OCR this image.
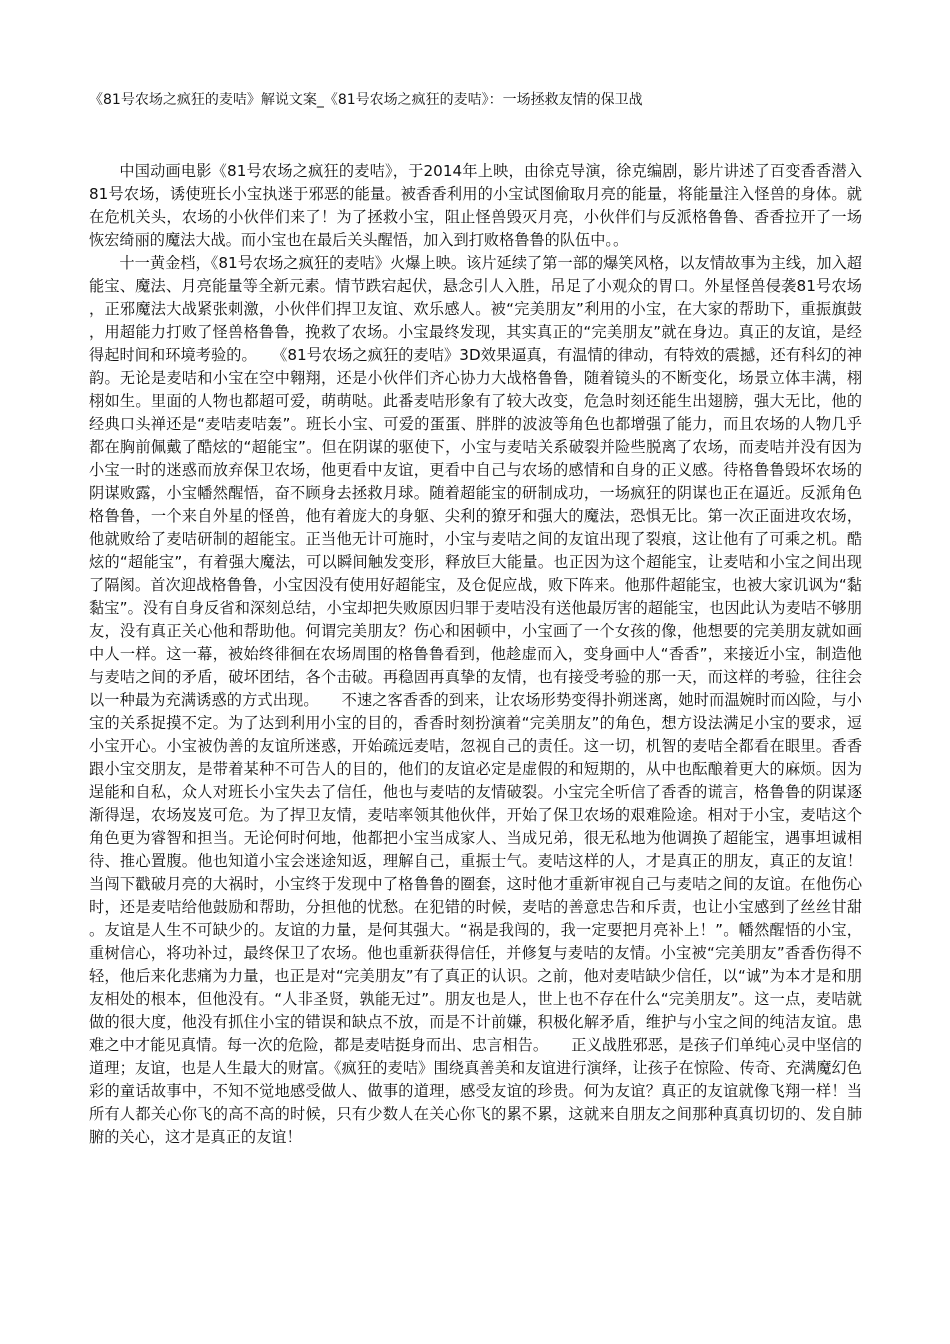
《81号农场之疯狂的麦咭》解说文案_《81号农场之疯狂的麦咭》：一场拯救友情的保卫战

中国动画电影《81号农场之疯狂的麦咭》，于2014年上映，由徐克导演，徐克编剧，影片讲述了百变香香潜入81号农场，诱使班长小宝执迷于邪恶的能量。被香香利用的小宝试图偷取月亮的能量，将能量注入怪兽的身体。就在危机关头，农场的小伙伴们来了！为了拯救小宝，阻止怪兽毁灭月亮，小伙伴们与反派格鲁鲁、香香拉开了一场恢宏绮丽的魔法大战。而小宝也在最后关头醒悟，加入到打败格鲁鲁的队伍中。。

十一黄金档，《81号农场之疯狂的麦咭》火爆上映。该片延续了第一部的爆笑风格，以友情故事为主线，加入超能宝、魔法、月亮能量等全新元素。情节跌宕起伏，悬念引人入胜，吊足了小观众的胃口。外星怪兽侵袭81号农场，正邪魔法大战紧张刺激，小伙伴们捍卫友谊、欢乐感人。被“完美朋友”利用的小宝，在大家的帮助下，重振旗鼓，用超能力打败了怪兽格鲁鲁，挽救了农场。小宝最终发现，其实真正的“完美朋友”就在身边。真正的友谊，是经得起时间和环境考验的。　　《81号农场之疯狂的麦咭》3D效果逼真，有温情的律动，有特效的震撼，还有科幻的神韵。无论是麦咭和小宝在空中翱翔，还是小伙伴们齐心协力大战格鲁鲁，随着镜头的不断变化，场景立体丰满，栩栩如生。里面的人物也都超可爱，萌萌哒。此番麦咭形象有了较大改变，危急时刻还能生出翅膀，强大无比，他的经典口头禅还是“麦咭麦咭轰”。班长小宝、可爱的蛋蛋、胖胖的波波等角色也都增强了能力，而且农场的人物几乎都在胸前佩戴了酷炫的“超能宝”。但在阴谋的驱使下，小宝与麦咭关系破裂并险些脱离了农场，而麦咭并没有因为小宝一时的迷惑而放弃保卫农场，他更看中友谊，更看中自己与农场的感情和自身的正义感。待格鲁鲁毁坏农场的阴谋败露，小宝幡然醒悟，奋不顾身去拯救月球。随着超能宝的研制成功，一场疯狂的阴谋也正在逼近。反派角色格鲁鲁，一个来自外星的怪兽，他有着庞大的身躯、尖利的獠牙和强大的魔法，恐惧无比。第一次正面进攻农场，他就败给了麦咭研制的超能宝。正当他无计可施时，小宝与麦咭之间的友谊出现了裂痕，这让他有了可乘之机。酷炫的“超能宝”，有着强大魔法，可以瞬间触发变形，释放巨大能量。也正因为这个超能宝，让麦咭和小宝之间出现了隔阂。首次迎战格鲁鲁，小宝因没有使用好超能宝，及仓促应战，败下阵来。他那件超能宝，也被大家讥讽为“黏黏宝”。没有自身反省和深刻总结，小宝却把失败原因归罪于麦咭没有送他最厉害的超能宝，也因此认为麦咭不够朋友，没有真正关心他和帮助他。何谓完美朋友？伤心和困顿中，小宝画了一个女孩的像，他想要的完美朋友就如画中人一样。这一幕，被始终徘徊在农场周围的格鲁鲁看到，他趁虚而入，变身画中人“香香”，来接近小宝，制造他与麦咭之间的矛盾，破坏团结，各个击破。再稳固再真挚的友情，也有接受考验的那一天，而这样的考验，往往会以一种最为充满诱惑的方式出现。　　不速之客香香的到来，让农场形势变得扑朔迷离，她时而温婉时而凶险，与小宝的关系捉摸不定。为了达到利用小宝的目的，香香时刻扮演着“完美朋友”的角色，想方设法满足小宝的要求，逗小宝开心。小宝被伪善的友谊所迷惑，开始疏远麦咭，忽视自己的责任。这一切，机智的麦咭全都看在眼里。香香跟小宝交朋友，是带着某种不可告人的目的，他们的友谊必定是虚假的和短期的，从中也酝酿着更大的麻烦。因为逞能和自私，众人对班长小宝失去了信任，他也与麦咭的友情破裂。小宝完全听信了香香的谎言，格鲁鲁的阴谋逐渐得逞，农场岌岌可危。为了捍卫友情，麦咭率领其他伙伴，开始了保卫农场的艰难险途。相对于小宝，麦咭这个角色更为睿智和担当。无论何时何地，他都把小宝当成家人、当成兄弟，很无私地为他调换了超能宝，遇事坦诚相待、推心置腹。他也知道小宝会迷途知返，理解自己，重振士气。麦咭这样的人，才是真正的朋友，真正的友谊！　　当闯下戳破月亮的大祸时，小宝终于发现中了格鲁鲁的圈套，这时他才重新审视自己与麦咭之间的友谊。在他伤心时，还是麦咭给他鼓励和帮助，分担他的忧愁。在犯错的时候，麦咭的善意忠告和斥责，也让小宝感到了丝丝甘甜。友谊是人生不可缺少的。友谊的力量，是何其强大。“祸是我闯的，我一定要把月亮补上！”。幡然醒悟的小宝，重树信心，将功补过，最终保卫了农场。他也重新获得信任，并修复与麦咭的友情。小宝被“完美朋友”香香伤得不轻，他后来化悲痛为力量，也正是对“完美朋友”有了真正的认识。之前，他对麦咭缺少信任，以“诚”为本才是和朋友相处的根本，但他没有。“人非圣贤，孰能无过”。朋友也是人，世上也不存在什么“完美朋友”。这一点，麦咭就做的很大度，他没有抓住小宝的错误和缺点不放，而是不计前嫌，积极化解矛盾，维护与小宝之间的纯洁友谊。患难之中才能见真情。每一次的危险，都是麦咭挺身而出、忠言相告。　　正义战胜邪恶，是孩子们单纯心灵中坚信的道理；友谊，也是人生最大的财富。《疯狂的麦咭》围绕真善美和友谊进行演绎，让孩子在惊险、传奇、充满魔幻色彩的童话故事中，不知不觉地感受做人、做事的道理，感受友谊的珍贵。何为友谊？真正的友谊就像飞翔一样！当所有人都关心你飞的高不高的时候，只有少数人在关心你飞的累不累，这就来自朋友之间那种真真切切的、发自肺腑的关心，这才是真正的友谊！
